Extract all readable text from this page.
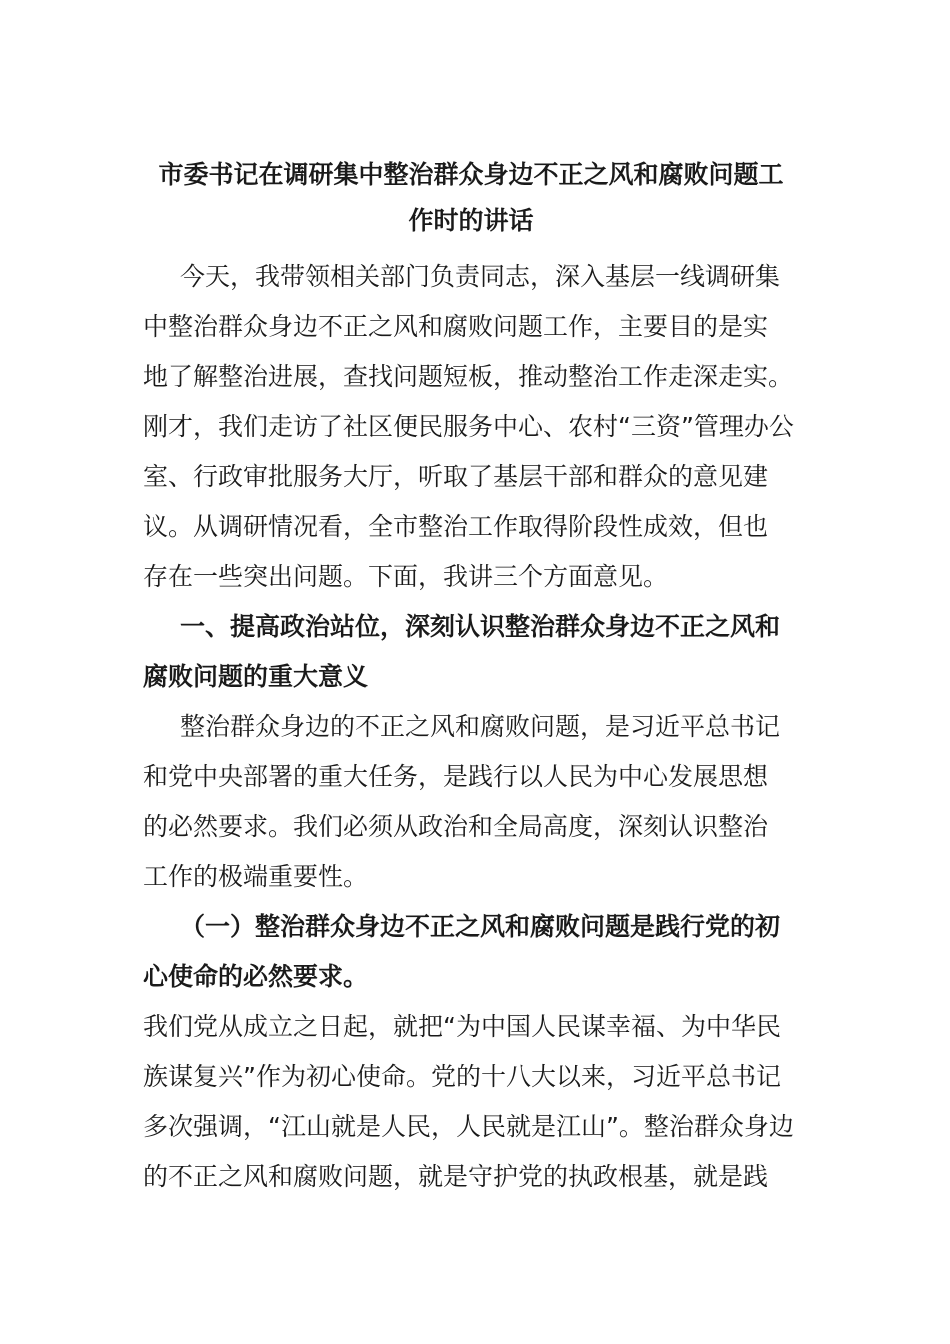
市委书记在调研集中整治群众身边不正之风和腐败问题工
作时的讲话

今天，我带领相关部门负责同志，深入基层一线调研集
中整治群众身边不正之风和腐败问题工作，主要目的是实
地了解整治进展，查找问题短板，推动整治工作走深走实。
刚才，我们走访了社区便民服务中心、农村“三资”管理办公
室、行政审批服务大厅，听取了基层干部和群众的意见建
议。从调研情况看，全市整治工作取得阶段性成效，但也
存在一些突出问题。下面，我讲三个方面意见。

一、提高政治站位，深刻认识整治群众身边不正之风和
腐败问题的重大意义

整治群众身边的不正之风和腐败问题，是习近平总书记
和党中央部署的重大任务，是践行以人民为中心发展思想
的必然要求。我们必须从政治和全局高度，深刻认识整治
工作的极端重要性。

（一）整治群众身边不正之风和腐败问题是践行党的初
心使命的必然要求。

我们党从成立之日起，就把“为中国人民谋幸福、为中华民
族谋复兴”作为初心使命。党的十八大以来，习近平总书记
多次强调，“江山就是人民，人民就是江山”。整治群众身边
的不正之风和腐败问题，就是守护党的执政根基，就是践
